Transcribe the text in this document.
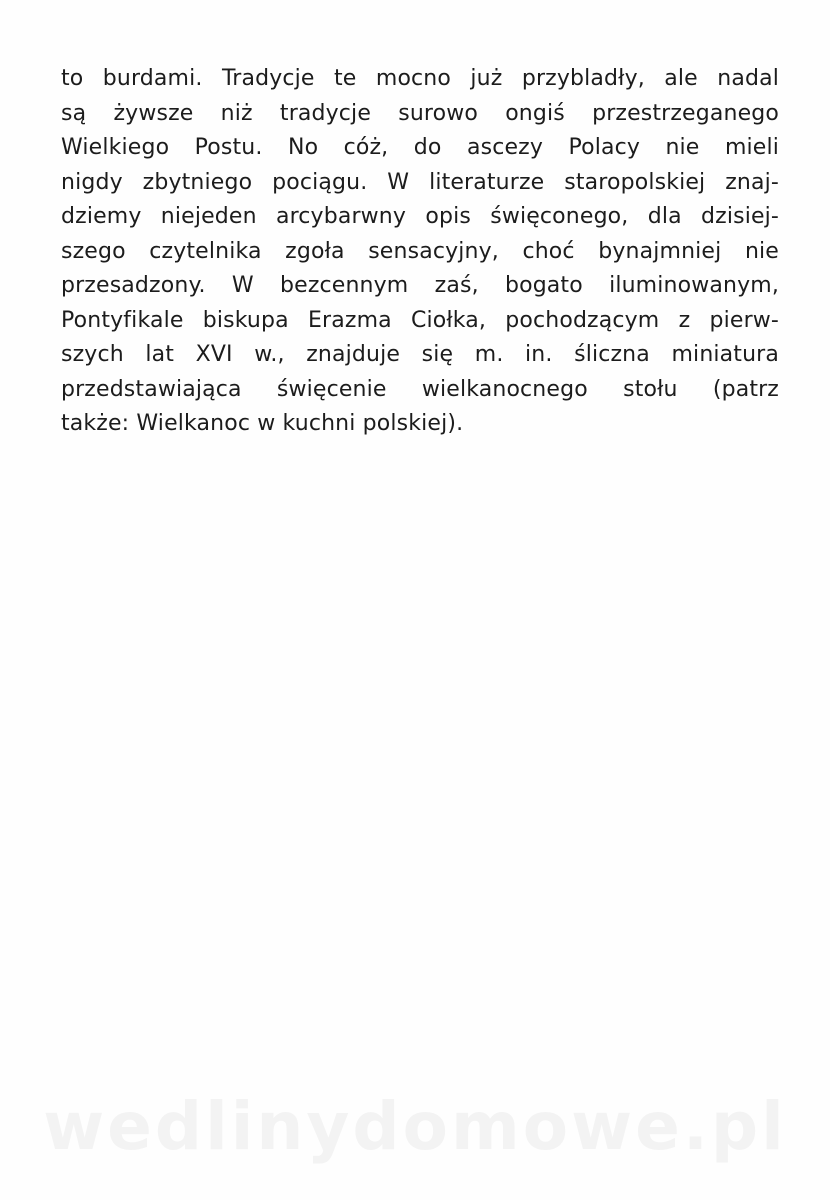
to burdami. Tradycje te mocno już przybladły, ale nadal
są żywsze niż tradycje surowo ongiś przestrzeganego
Wielkiego Postu. No cóż, do ascezy Polacy nie mieli
nigdy zbytniego pociągu. W literaturze staropolskiej znaj-
dziemy niejeden arcybarwny opis święconego, dla dzisiej-
szego czytelnika zgoła sensacyjny, choć bynajmniej nie
przesadzony. W bezcennym zaś, bogato iluminowanym,
Pontyfikale biskupa Erazma Ciołka, pochodzącym z pierw-
szych lat XVI w., znajduje się m. in. śliczna miniatura
przedstawiająca święcenie wielkanocnego stołu (patrz
także: Wielkanoc w kuchni polskiej).
wedlinydomowe.pl
